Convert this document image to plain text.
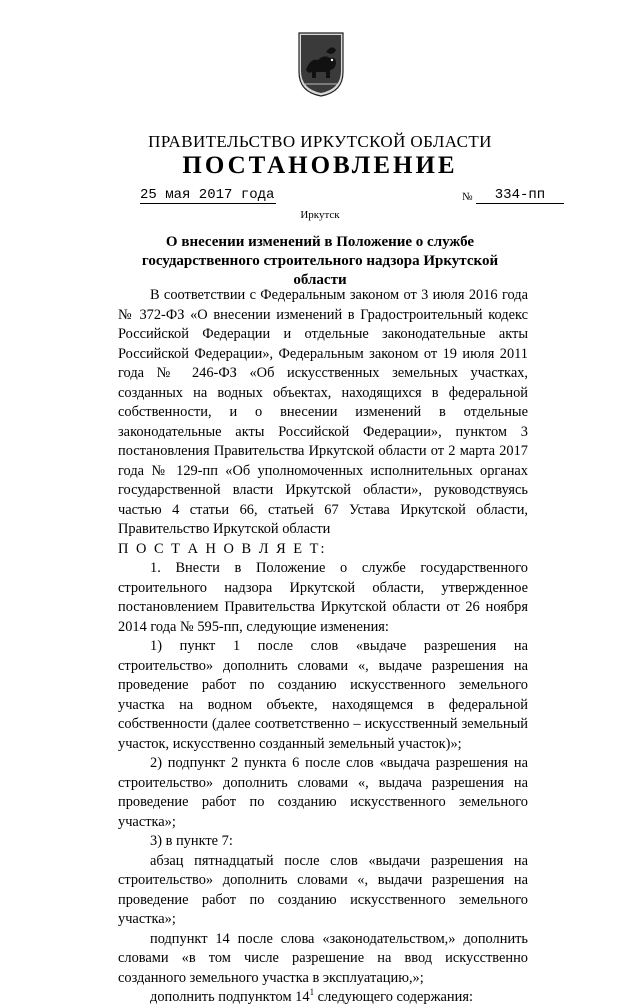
ПРАВИТЕЛЬСТВО ИРКУТСКОЙ ОБЛАСТИ
ПОСТАНОВЛЕНИЕ
25 мая 2017 года	№	334-пп
Иркутск
О внесении изменений в Положение о службе государственного строительного надзора Иркутской области

В соответствии с Федеральным законом от 3 июля 2016 года № 372-ФЗ «О внесении изменений в Градостроительный кодекс Российской Федерации и отдельные законодательные акты Российской Федерации», Федеральным законом от 19 июля 2011 года № 246-ФЗ «Об искусственных земельных участках, созданных на водных объектах, находящихся в федеральной собственности, и о внесении изменений в отдельные законодательные акты Российской Федерации», пунктом 3 постановления Правительства Иркутской области от 2 марта 2017 года № 129-пп «Об уполномоченных исполнительных органах государственной власти Иркутской области», руководствуясь частью 4 статьи 66, статьей 67 Устава Иркутской области, Правительство Иркутской области

П О С Т А Н О В Л Я Е Т:

1. Внести в Положение о службе государственного строительного надзора Иркутской области, утвержденное постановлением Правительства Иркутской области от 26 ноября 2014 года № 595-пп, следующие изменения:

1) пункт 1 после слов «выдаче разрешения на строительство» дополнить словами «, выдаче разрешения на проведение работ по созданию искусственного земельного участка на водном объекте, находящемся в федеральной собственности (далее соответственно – искусственный земельный участок, искусственно созданный земельный участок)»;

2) подпункт 2 пункта 6 после слов «выдача разрешения на строительство» дополнить словами «, выдача разрешения на проведение работ по созданию искусственного земельного участка»;

3) в пункте 7:

абзац пятнадцатый после слов «выдачи разрешения на строительство» дополнить словами «, выдачи разрешения на проведение работ по созданию искусственного земельного участка»;

подпункт 14 после слова «законодательством,» дополнить словами «в том числе разрешение на ввод искусственно созданного земельного участка в эксплуатацию,»;

дополнить подпунктом $14^1$ следующего содержания:
